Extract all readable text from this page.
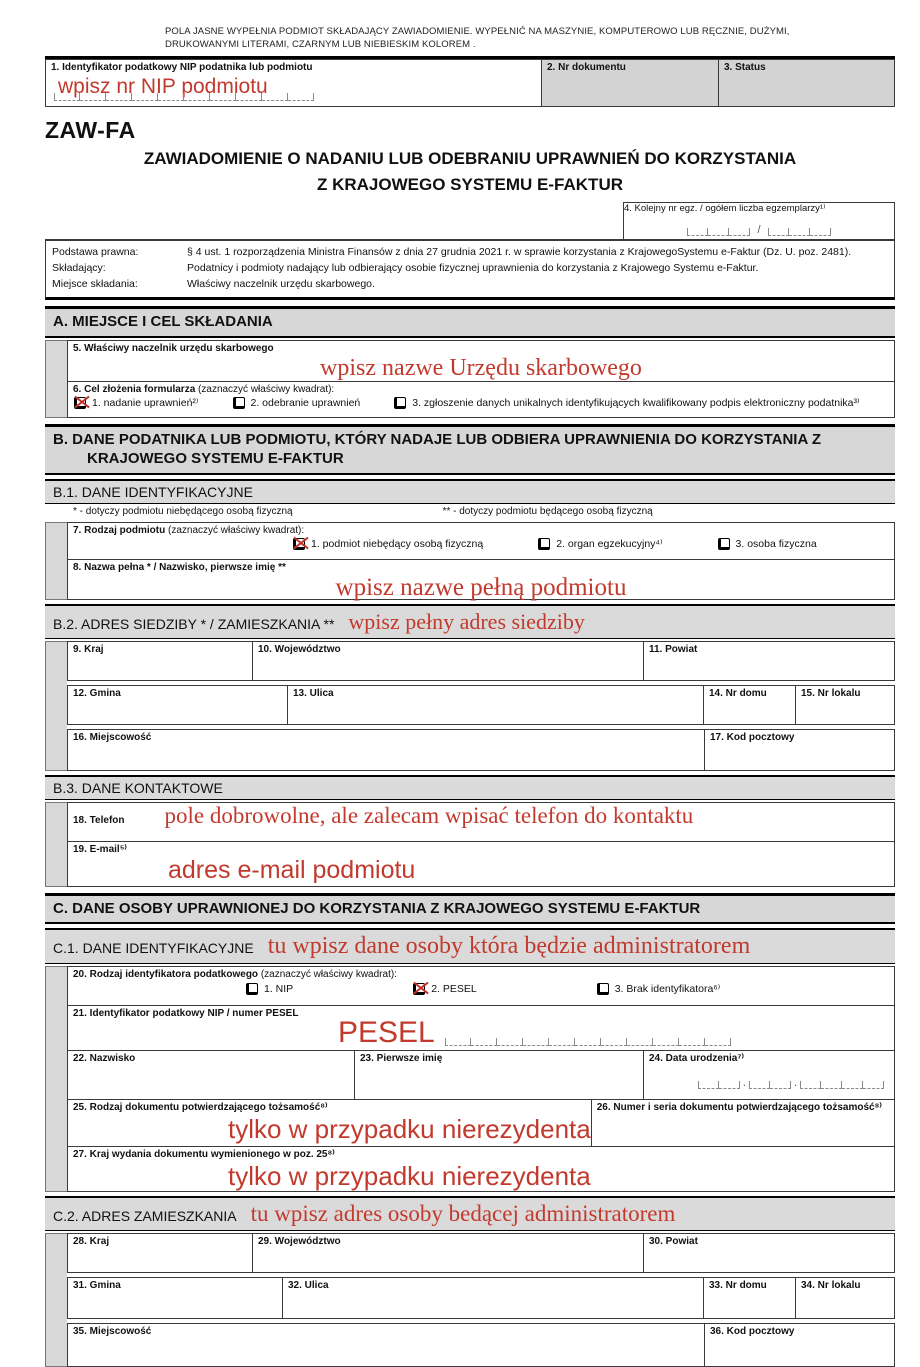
POLA JASNE WYPEŁNIA PODMIOT SKŁADAJĄCY ZAWIADOMIENIE. WYPEŁNIĆ NA MASZYNIE, KOMPUTEROWO LUB RĘCZNIE, DUŻYMI, DRUKOWANYMI LITERAMI, CZARNYM LUB NIEBIESKIM KOLOREM .

1. Identyfikator podatkowy NIP podatnika lub podmiotu
wpisz nr NIP podmiotu
2. Nr dokumentu	3. Status
ZAW-FA
ZAWIADOMIENIE O NADANIU LUB ODEBRANIU UPRAWNIEŃ DO KORZYSTANIA
Z KRAJOWEGO SYSTEMU E-FAKTUR
4. Kolejny nr egz. / ogółem liczba egzemplarzy¹⁾
/
Podstawa prawna:	§ 4 ust. 1 rozporządzenia Ministra Finansów z dnia 27 grudnia 2021 r. w sprawie korzystania z KrajowegoSystemu e-Faktur (Dz. U. poz. 2481).
Składający:	Podatnicy i podmioty nadający lub odbierający osobie fizycznej uprawnienia do korzystania z Krajowego Systemu e-Faktur.
Miejsce składania:	Właściwy naczelnik urzędu skarbowego.
A. MIEJSCE I CEL SKŁADANIA
5. Właściwy naczelnik urzędu skarbowego
wpisz nazwe Urzędu skarbowego
6. Cel złożenia formularza (zaznaczyć właściwy kwadrat):
1. nadanie uprawnień²⁾	2. odebranie uprawnień	3. zgłoszenie danych unikalnych identyfikujących kwalifikowany podpis elektroniczny podatnika³⁾
B. DANE PODATNIKA LUB PODMIOTU, KTÓRY NADAJE LUB ODBIERA UPRAWNIENIA DO KORZYSTANIA Z KRAJOWEGO SYSTEMU E-FAKTUR
B.1. DANE IDENTYFIKACYJNE
* - dotyczy podmiotu niebędącego osobą fizyczną	** - dotyczy podmiotu będącego osobą fizyczną
7. Rodzaj podmiotu (zaznaczyć właściwy kwadrat):
1. podmiot niebędący osobą fizyczną	2. organ egzekucyjny⁴⁾	3. osoba fizyczna
8. Nazwa pełna * / Nazwisko, pierwsze imię **
wpisz nazwe pełną podmiotu
B.2. ADRES SIEDZIBY * / ZAMIESZKANIA ** wpisz pełny adres siedziby
9. Kraj	10. Województwo	11. Powiat
12. Gmina	13. Ulica	14. Nr domu	15. Nr lokalu
16. Miejscowość	17. Kod pocztowy
B.3. DANE KONTAKTOWE
18. Telefon pole dobrowolne, ale zalecam wpisać telefon do kontaktu
19. E-mail⁵⁾
adres e-mail podmiotu
C. DANE OSOBY UPRAWNIONEJ DO KORZYSTANIA Z KRAJOWEGO SYSTEMU E-FAKTUR
C.1. DANE IDENTYFIKACYJNE tu wpisz dane osoby która będzie administratorem
20. Rodzaj identyfikatora podatkowego (zaznaczyć właściwy kwadrat):
1. NIP	2. PESEL	3. Brak identyfikatora⁶⁾
21. Identyfikator podatkowy NIP / numer PESEL
PESEL
22. Nazwisko	23. Pierwsze imię	24. Data urodzenia⁷⁾
.	.
25. Rodzaj dokumentu potwierdzającego tożsamość⁸⁾
tylko w przypadku nierezydenta
26. Numer i seria dokumentu potwierdzającego tożsamość⁸⁾
27. Kraj wydania dokumentu wymienionego w poz. 25⁸⁾
tylko w przypadku nierezydenta
C.2. ADRES ZAMIESZKANIA tu wpisz adres osoby bedącej administratorem
28. Kraj	29. Województwo	30. Powiat
31. Gmina	32. Ulica	33. Nr domu	34. Nr lokalu
35. Miejscowość	36. Kod pocztowy
